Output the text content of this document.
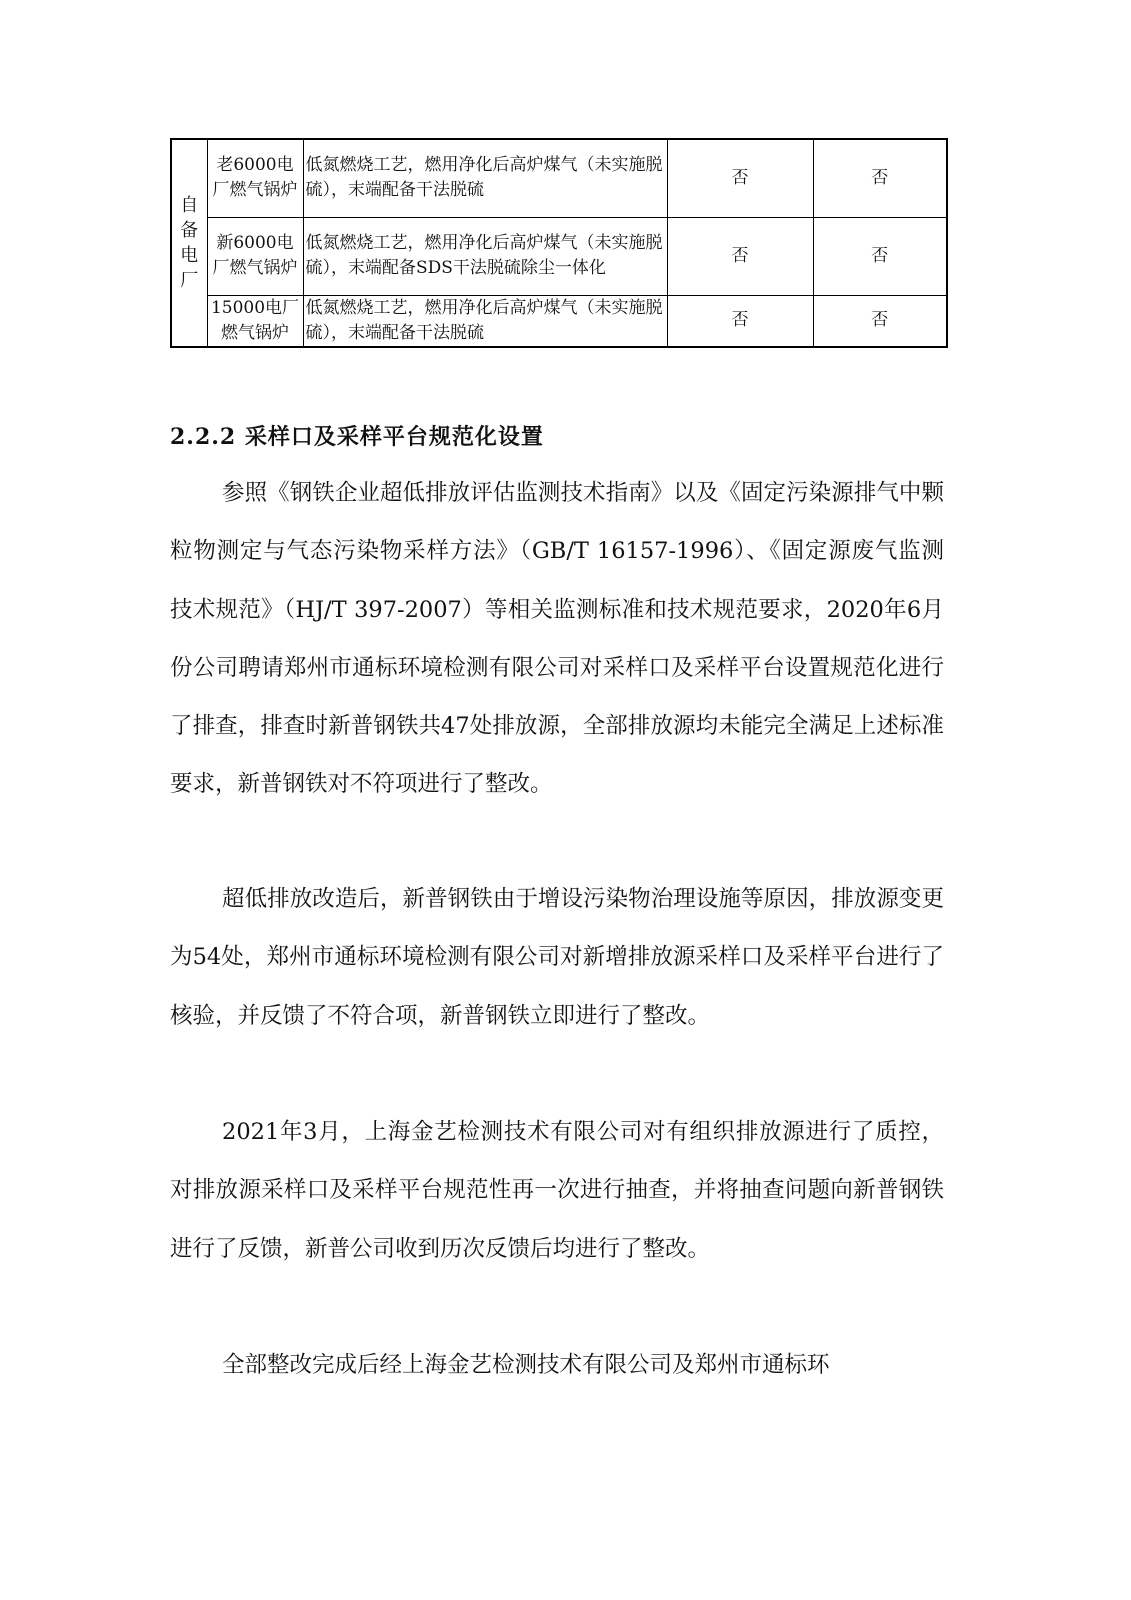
自
备
电
厂	老6000电厂燃气锅炉	低氮燃烧工艺，燃用净化后高炉煤气（未实施脱硫），末端配备干法脱硫	否	否
	新6000电厂燃气锅炉	低氮燃烧工艺，燃用净化后高炉煤气（未实施脱硫），末端配备SDS干法脱硫除尘一体化	否	否
	15000电厂燃气锅炉	低氮燃烧工艺，燃用净化后高炉煤气（未实施脱硫），末端配备干法脱硫	否	否
2.2.2 采样口及采样平台规范化设置
参照《钢铁企业超低排放评估监测技术指南》以及《固定污染源排气中颗粒物测定与气态污染物采样方法》（GB/T 16157-1996）、《固定源废气监测技术规范》（HJ/T 397-2007）等相关监测标准和技术规范要求，2020年6月份公司聘请郑州市通标环境检测有限公司对采样口及采样平台设置规范化进行了排查，排查时新普钢铁共47处排放源，全部排放源均未能完全满足上述标准要求，新普钢铁对不符项进行了整改。
超低排放改造后，新普钢铁由于增设污染物治理设施等原因，排放源变更为54处，郑州市通标环境检测有限公司对新增排放源采样口及采样平台进行了核验，并反馈了不符合项，新普钢铁立即进行了整改。
2021年3月，上海金艺检测技术有限公司对有组织排放源进行了质控，对排放源采样口及采样平台规范性再一次进行抽查，并将抽查问题向新普钢铁进行了反馈，新普公司收到历次反馈后均进行了整改。
全部整改完成后经上海金艺检测技术有限公司及郑州市通标环
